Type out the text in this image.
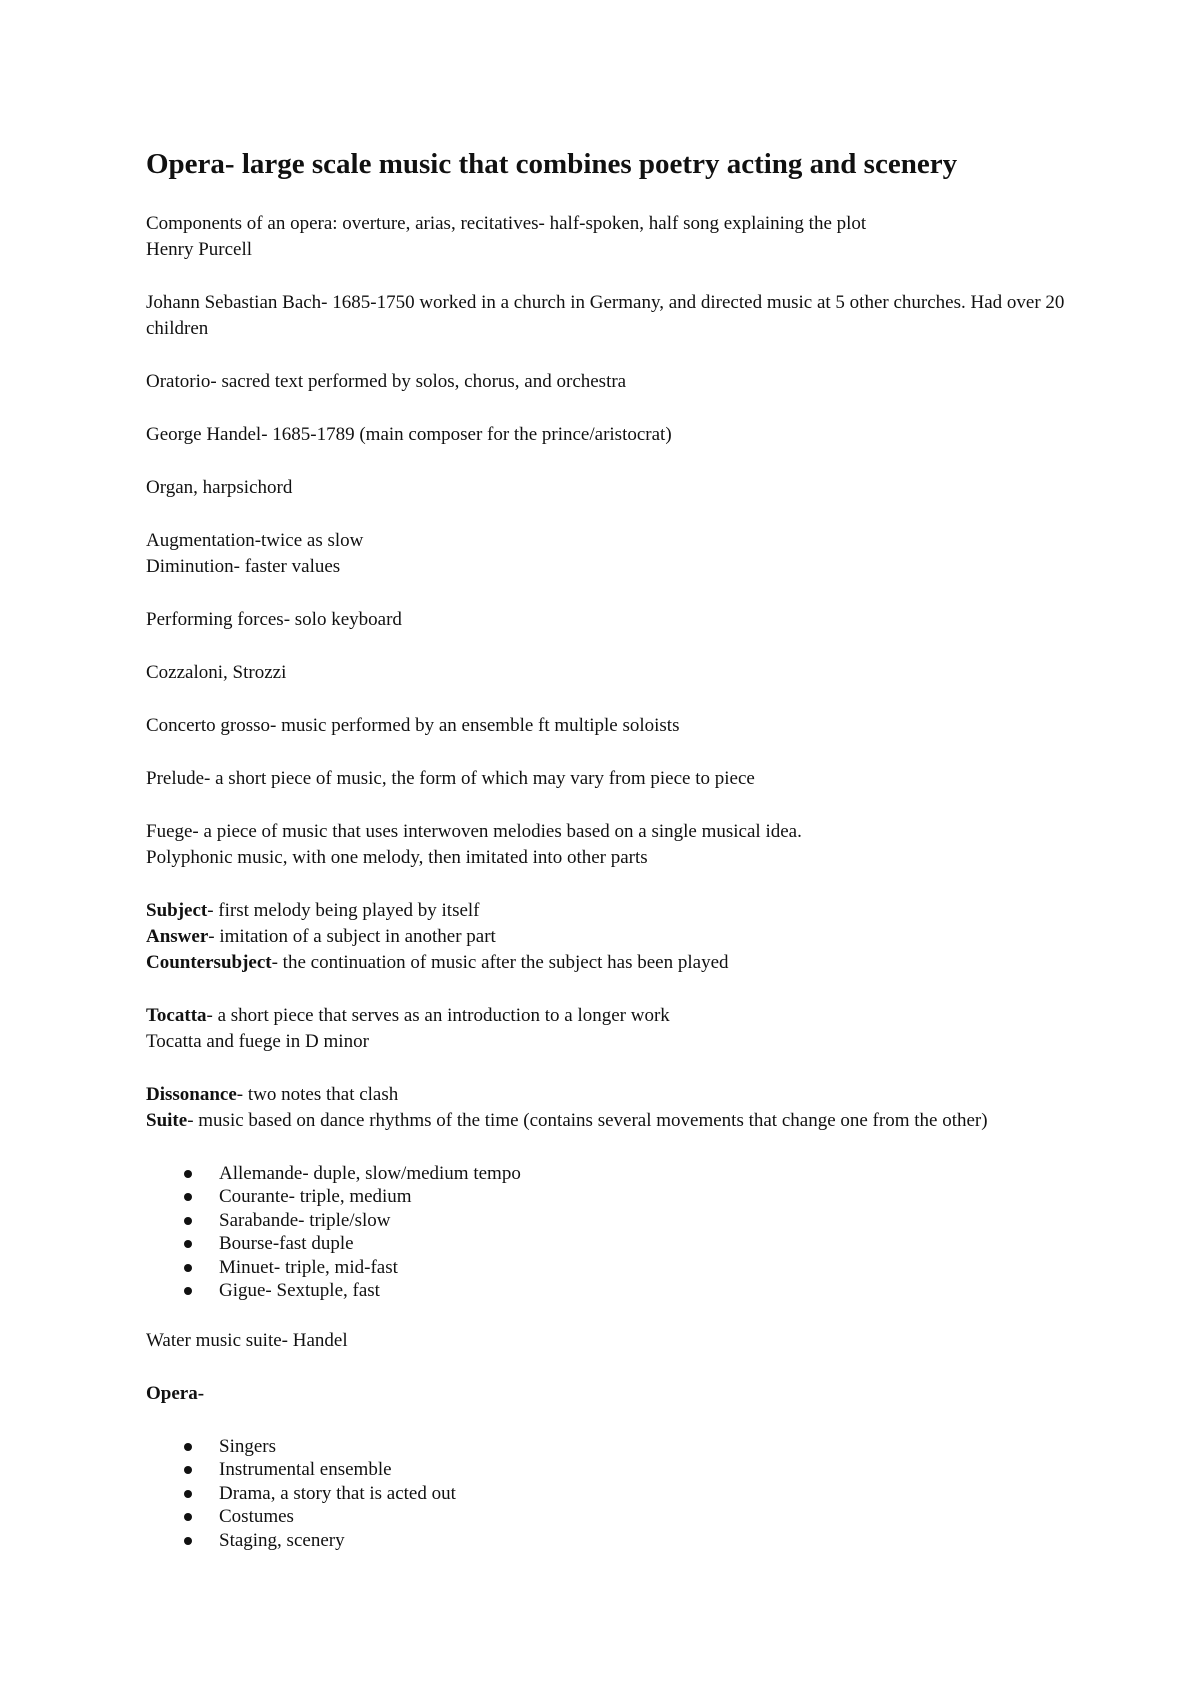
Opera- large scale music that combines poetry acting and scenery
Components of an opera: overture, arias, recitatives- half-spoken, half song explaining the plot
Henry Purcell
Johann Sebastian Bach- 1685-1750 worked in a church in Germany, and directed music at 5 other churches. Had over 20 children
Oratorio- sacred text performed by solos, chorus, and orchestra
George Handel- 1685-1789 (main composer for the prince/aristocrat)
Organ, harpsichord
Augmentation-twice as slow
Diminution- faster values
Performing forces- solo keyboard
Cozzaloni, Strozzi
Concerto grosso- music performed by an ensemble ft multiple soloists
Prelude- a short piece of music, the form of which may vary from piece to piece
Fuege- a piece of music that uses interwoven melodies based on a single musical idea.
Polyphonic music, with one melody, then imitated into other parts
Subject- first melody being played by itself
Answer- imitation of a subject in another part
Countersubject- the continuation of music after the subject has been played
Tocatta- a short piece that serves as an introduction to a longer work
Tocatta and fuege in D minor
Dissonance- two notes that clash
Suite- music based on dance rhythms of the time (contains several movements that change one from the other)
Allemande- duple, slow/medium tempo
Courante- triple, medium
Sarabande- triple/slow
Bourse-fast duple
Minuet- triple, mid-fast
Gigue- Sextuple, fast
Water music suite- Handel
Opera-
Singers
Instrumental ensemble
Drama, a story that is acted out
Costumes
Staging, scenery
